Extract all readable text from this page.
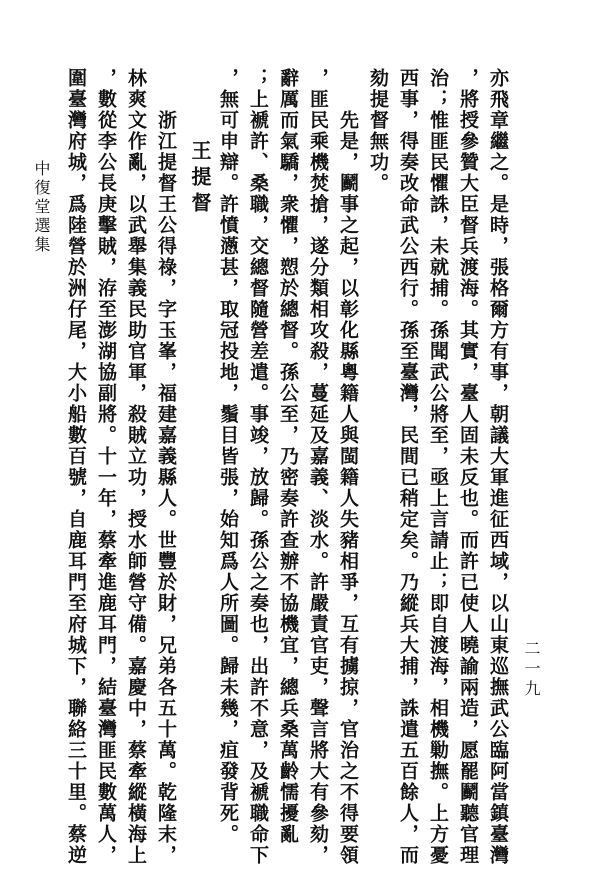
二一九
亦飛章繼之。是時，張格爾方有事，朝議大軍進征西域，以山東巡撫武公臨阿當鎮臺灣
，將授參贊大臣督兵渡海。其實，臺人固未反也。而許已使人曉諭兩造，愿罷鬬聽官理
治；惟匪民懼誅，未就捕。孫聞武公將至，亟上言請止；即自渡海，相機勦撫。上方憂
西事，得奏改命武公西行。孫至臺灣，民間已稍定矣。乃縱兵大捕，誅遣五百餘人，而
劾提督無功。
先是，鬬事之起，以彰化縣粵籍人與閩籍人失豬相爭，互有擄掠，官治之不得要領
，匪民乘機焚搶，遂分類相攻殺，蔓延及嘉義、淡水。許嚴責官吏，聲言將大有參劾，
辭厲而氣驕，衆懼，愬於總督。孫公至，乃密奏許查辦不協機宜，總兵桑萬齡懦擾亂
；上褫許、桑職，交總督隨營差遣。事竣，放歸。孫公之奏也，出許不意，及褫職命下
，無可申辯。許憤懣甚，取冠投地，鬚目皆張，始知爲人所圖。歸未幾，疽發背死。
王提督
浙江提督王公得祿，字玉峯，福建嘉義縣人。世豐於財，兄弟各五十萬。乾隆末，
林爽文作亂，以武舉集義民助官軍，殺賊立功，授水師營守備。嘉慶中，蔡牽縱橫海上
，數從李公長庚擊賊，洊至澎湖協副將。十一年，蔡牽進鹿耳門，結臺灣匪民數萬人，
圍臺灣府城，爲陸營於洲仔尾，大小船數百號，自鹿耳門至府城下，聯絡三十里。蔡逆
中復堂選集
